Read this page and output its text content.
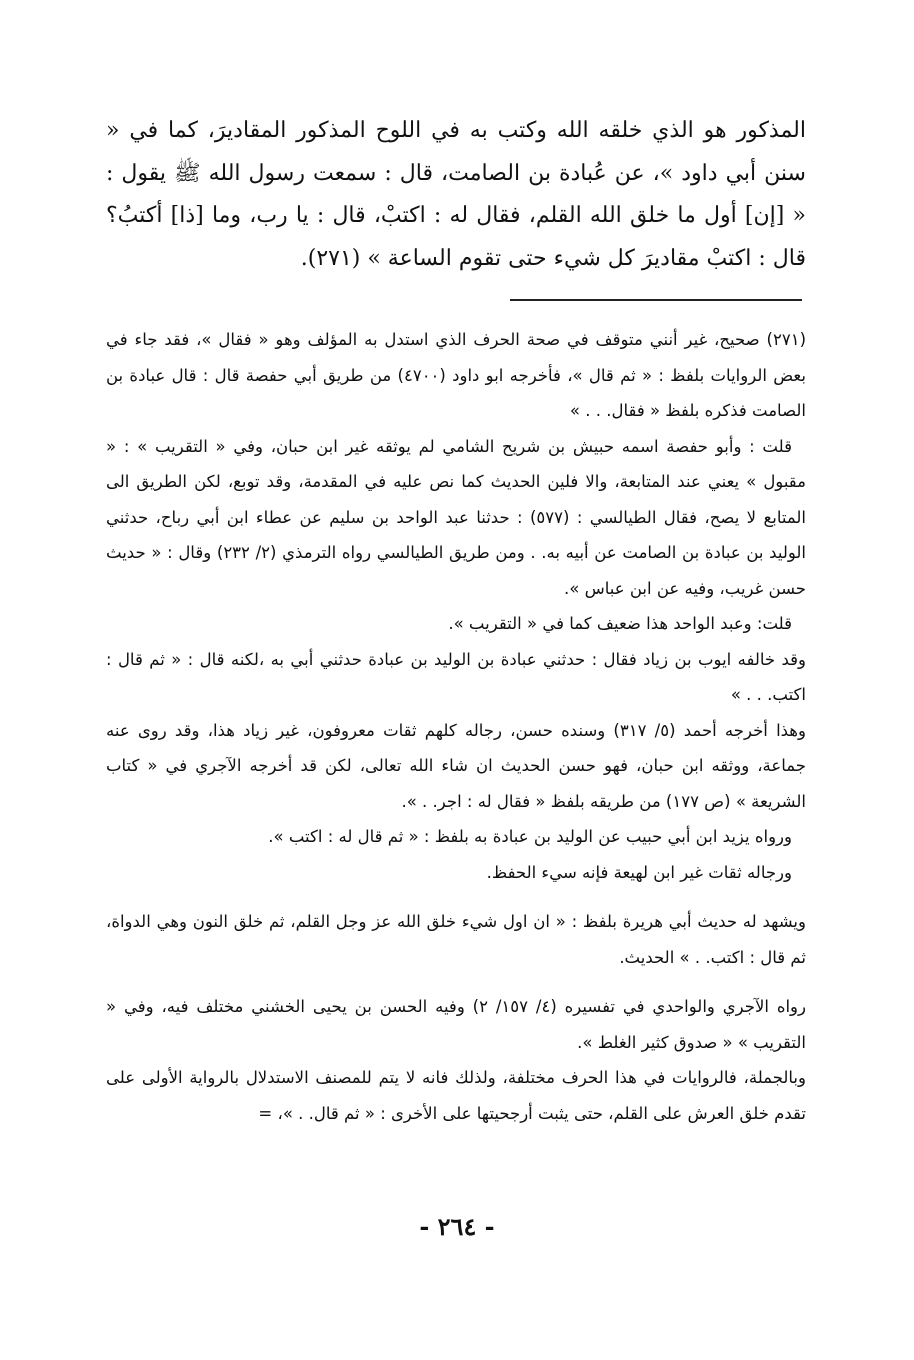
المذكور هو الذي خلقه الله وكتب به في اللوح المذكور المقاديرَ، كما في « سنن أبي داود »، عن عُبادة بن الصامت، قال : سمعت رسول الله ﷺ يقول : « [إن] أول ما خلق الله القلم، فقال له : اكتبْ، قال : يا رب، وما [ذا] أكتبُ؟ قال : اكتبْ مقاديرَ كل شيء حتى تقوم الساعة » (٢٧١).

(٢٧١) صحيح، غير أنني متوقف في صحة الحرف الذي استدل به المؤلف وهو « فقال »، فقد جاء في بعض الروايات بلفظ : « ثم قال »، فأخرجه ابو داود (٤٧٠٠) من طريق أبي حفصة قال : قال عبادة بن الصامت فذكره بلفظ « فقال. . . »

قلت : وأبو حفصة اسمه حبيش بن شريح الشامي لم يوثقه غير ابن حبان، وفي « التقريب » : « مقبول » يعني عند المتابعة، والا فلين الحديث كما نص عليه في المقدمة، وقد توبع، لكن الطريق الى المتابع لا يصح، فقال الطيالسي : (٥٧٧) : حدثنا عبد الواحد بن سليم عن عطاء ابن أبي رباح، حدثني الوليد بن عبادة بن الصامت عن أبيه به. . ومن طريق الطيالسي رواه الترمذي (٢/ ٢٣٢) وقال : « حديث حسن غريب، وفيه عن ابن عباس ».

قلت: وعبد الواحد هذا ضعيف كما في « التقريب ».

وقد خالفه ايوب بن زياد فقال : حدثني عبادة بن الوليد بن عبادة حدثني أبي به ،لكنه قال : « ثم قال : اكتب. . . »

وهذا أخرجه أحمد (٥/ ٣١٧) وسنده حسن، رجاله كلهم ثقات معروفون، غير زياد هذا، وقد روى عنه جماعة، ووثقه ابن حبان، فهو حسن الحديث ان شاء الله تعالى، لكن قد أخرجه الآجري في « كتاب الشريعة » (ص ١٧٧) من طريقه بلفظ « فقال له : اجر. . ».

ورواه يزيد ابن أبي حبيب عن الوليد بن عبادة به بلفظ : « ثم قال له : اكتب ».

ورجاله ثقات غير ابن لهيعة فإنه سيء الحفظ.

ويشهد له حديث أبي هريرة بلفظ : « ان اول شيء خلق الله عز وجل القلم، ثم خلق النون وهي الدواة، ثم قال : اكتب. . » الحديث.

رواه الآجري والواحدي في تفسيره (٤/ ١٥٧/ ٢) وفيه الحسن بن يحيى الخشني مختلف فيه، وفي « التقريب » « صدوق كثير الغلط ».

وبالجملة، فالروايات في هذا الحرف مختلفة، ولذلك فانه لا يتم للمصنف الاستدلال بالرواية الأولى على تقدم خلق العرش على القلم، حتى يثبت أرجحيتها على الأخرى : « ثم قال. . »، =

- ٢٦٤ -
